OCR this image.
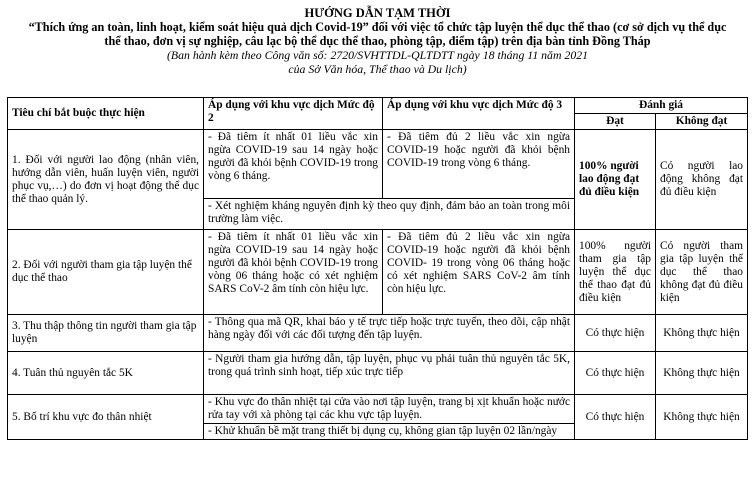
HƯỚNG DẪN TẠM THỜI
“Thích ứng an toàn, linh hoạt, kiểm soát hiệu quả dịch Covid-19” đối với việc tổ chức tập luyện thể dục thể thao (cơ sở dịch vụ thể dục
thể thao, đơn vị sự nghiệp, câu lạc bộ thể dục thể thao, phòng tập, điểm tập) trên địa bàn tỉnh Đồng Tháp
(Ban hành kèm theo Công văn số: 2720/SVHTTDL-QLTDTT ngày 18 tháng 11 năm 2021
của Sở Văn hóa, Thể thao và Du lịch)
Tiêu chí bắt buộc thực hiện	Áp dụng với khu vực dịch Mức độ 2	Áp dụng với khu vực dịch Mức độ 3	Đánh giá	
			Đạt	Không đạt
1. Đối với người lao động (nhân viên, hướng dẫn viên, huấn luyện viên, người phục vụ,…) do đơn vị hoạt động thể dục thể thao quản lý.	- Đã tiêm ít nhất 01 liều vắc xin ngừa COVID-19 sau 14 ngày hoặc người đã khỏi bệnh COVID-19 trong vòng 6 tháng.	- Đã tiêm đủ 2 liều vắc xin ngừa COVID-19 hoặc người đã khỏi bệnh COVID-19 trong vòng 6 tháng.	100% người lao động đạt đủ điều kiện	Có người lao động không đạt đủ điều kiện
	- Xét nghiệm kháng nguyên định kỳ theo quy định, đảm bảo an toàn trong môi trường làm việc.			
2. Đối với người tham gia tập luyện thể dục thể thao	- Đã tiêm ít nhất 01 liều vắc xin ngừa COVID-19 sau 14 ngày hoặc người đã khỏi bệnh COVID-19 trong vòng 06 tháng hoặc có xét nghiệm SARS CoV-2 âm tính còn hiệu lực.	- Đã tiêm đủ 2 liều vắc xin ngừa COVID-19 hoặc người đã khỏi bệnh COVID- 19 trong vòng 06 tháng hoặc có xét nghiệm SARS CoV-2 âm tính còn hiệu lực.	100% người tham gia tập luyện thể dục thể thao đạt đủ điều kiện	Có người tham gia tập luyện thể dục thể thao không đạt đủ điều kiện
3. Thu thập thông tin người tham gia tập luyện	- Thông qua mã QR, khai báo y tế trực tiếp hoặc trực tuyến, theo dõi, cập nhật hàng ngày đối với các đối tượng đến tập luyện.		Có thực hiện	Không thực hiện
4. Tuân thủ nguyên tắc 5K	- Người tham gia hướng dẫn, tập luyện, phục vụ phải tuân thủ nguyên tắc 5K, trong quá trình sinh hoạt, tiếp xúc trực tiếp		Có thực hiện	Không thực hiện
5. Bố trí khu vực đo thân nhiệt	- Khu vực đo thân nhiệt tại cửa vào nơi tập luyện, trang bị xịt khuẩn hoặc nước rửa tay với xà phòng tại các khu vực tập luyện.		Có thực hiện	Không thực hiện
	- Khử khuẩn bề mặt trang thiết bị dụng cụ, không gian tập luyện 02 lần/ngày			
